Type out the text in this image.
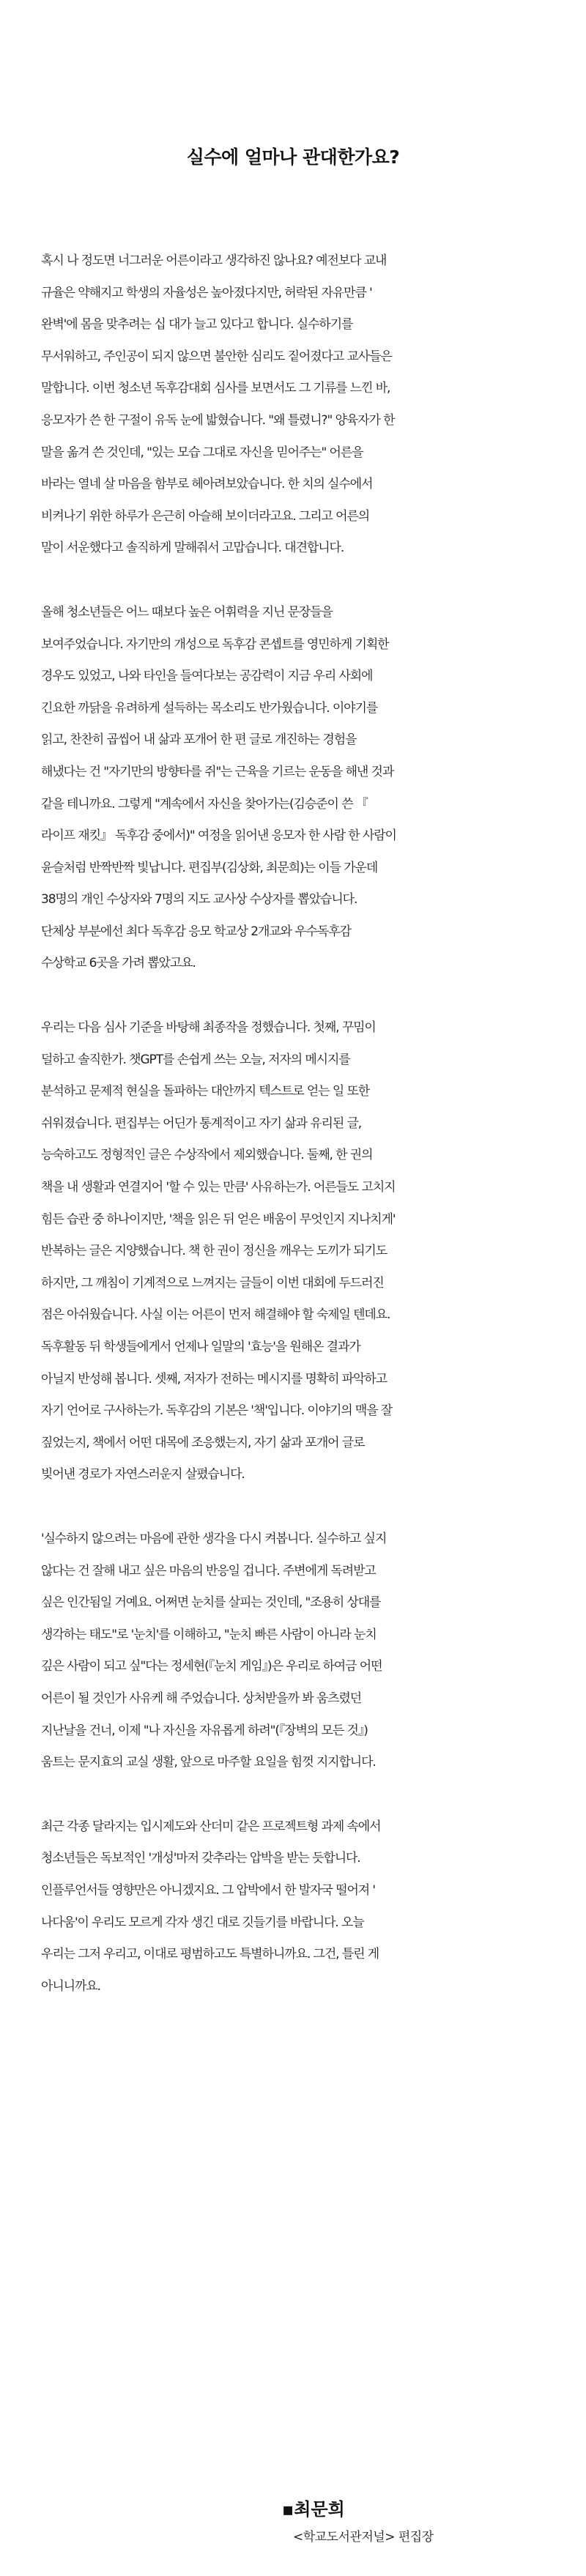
실수에 얼마나 관대한가요?
혹시 나 정도면 너그러운 어른이라고 생각하진 않나요? 예전보다 교내
규율은 약해지고 학생의 자율성은 높아졌다지만, 허락된 자유만큼 '
완벽'에 몸을 맞추려는 십 대가 늘고 있다고 합니다. 실수하기를
무서워하고, 주인공이 되지 않으면 불안한 심리도 짙어졌다고 교사들은
말합니다. 이번 청소년 독후감대회 심사를 보면서도 그 기류를 느낀 바,
응모자가 쓴 한 구절이 유독 눈에 밟혔습니다. "왜 틀렸니?" 양육자가 한
말을 옮겨 쓴 것인데, "있는 모습 그대로 자신을 믿어주는" 어른을
바라는 열네 살 마음을 함부로 헤아려보았습니다. 한 치의 실수에서
비켜나기 위한 하루가 은근히 아슬해 보이더라고요. 그리고 어른의
말이 서운했다고 솔직하게 말해줘서 고맙습니다. 대견합니다.
올해 청소년들은 어느 때보다 높은 어휘력을 지닌 문장들을
보여주었습니다. 자기만의 개성으로 독후감 콘셉트를 영민하게 기획한
경우도 있었고, 나와 타인을 들여다보는 공감력이 지금 우리 사회에
긴요한 까닭을 유려하게 설득하는 목소리도 반가웠습니다. 이야기를
읽고, 찬찬히 곱씹어 내 삶과 포개어 한 편 글로 개진하는 경험을
해냈다는 건 "자기만의 방향타를 쥐"는 근육을 기르는 운동을 해낸 것과
같을 테니까요. 그렇게 "계속에서 자신을 찾아가는(김승준이 쓴 『
라이프 재킷』 독후감 중에서)" 여정을 읽어낸 응모자 한 사람 한 사람이
윤슬처럼 반짝반짝 빛납니다. 편집부(김상화, 최문희)는 이들 가운데
38명의 개인 수상자와 7명의 지도 교사상 수상자를 뽑았습니다.
단체상 부분에선 최다 독후감 응모 학교상 2개교와 우수독후감
수상학교 6곳을 가려 뽑았고요.
우리는 다음 심사 기준을 바탕해 최종작을 정했습니다. 첫째, 꾸밈이
덜하고 솔직한가. 챗GPT를 손쉽게 쓰는 오늘, 저자의 메시지를
분석하고 문제적 현실을 돌파하는 대안까지 텍스트로 얻는 일 또한
쉬워졌습니다. 편집부는 어딘가 통계적이고 자기 삶과 유리된 글,
능숙하고도 정형적인 글은 수상작에서 제외했습니다. 둘째, 한 권의
책을 내 생활과 연결지어 '할 수 있는 만큼' 사유하는가. 어른들도 고치지
힘든 습관 중 하나이지만, '책을 읽은 뒤 얻은 배움이 무엇인지 지나치게'
반복하는 글은 지양했습니다. 책 한 권이 정신을 깨우는 도끼가 되기도
하지만, 그 깨침이 기계적으로 느껴지는 글들이 이번 대회에 두드러진
점은 아쉬웠습니다. 사실 이는 어른이 먼저 해결해야 할 숙제일 텐데요.
독후활동 뒤 학생들에게서 언제나 일말의 '효능'을 원해온 결과가
아닐지 반성해 봅니다. 셋째, 저자가 전하는 메시지를 명확히 파악하고
자기 언어로 구사하는가. 독후감의 기본은 '책'입니다. 이야기의 맥을 잘
짚었는지, 책에서 어떤 대목에 조응했는지, 자기 삶과 포개어 글로
빚어낸 경로가 자연스러운지 살폈습니다.
'실수하지 않으려는 마음에 관한 생각을 다시 켜봅니다. 실수하고 싶지
않다는 건 잘해 내고 싶은 마음의 반응일 겁니다. 주변에게 독려받고
싶은 인간됨일 거예요. 어쩌면 눈치를 살피는 것인데, "조용히 상대를
생각하는 태도"로 '눈치'를 이해하고, "눈치 빠른 사람이 아니라 눈치
깊은 사람이 되고 싶"다는 정세현(『눈치 게임』)은 우리로 하여금 어떤
어른이 될 것인가 사유케 해 주었습니다. 상처받을까 봐 움츠렸던
지난날을 건너, 이제 "나 자신을 자유롭게 하려"(『장벽의 모든 것』)
움트는 문지효의 교실 생활, 앞으로 마주할 요일을 힘껏 지지합니다.
최근 각종 달라지는 입시제도와 산더미 같은 프로젝트형 과제 속에서
청소년들은 독보적인 '개성'마저 갖추라는 압박을 받는 듯합니다.
인플루언서들 영향만은 아니겠지요. 그 압박에서 한 발자국 떨어져 '
나다움'이 우리도 모르게 각자 생긴 대로 깃들기를 바랍니다. 오늘
우리는 그저 우리고, 이대로 평범하고도 특별하니까요. 그건, 틀린 게
아니니까요.
▪최문희
<학교도서관저널> 편집장
